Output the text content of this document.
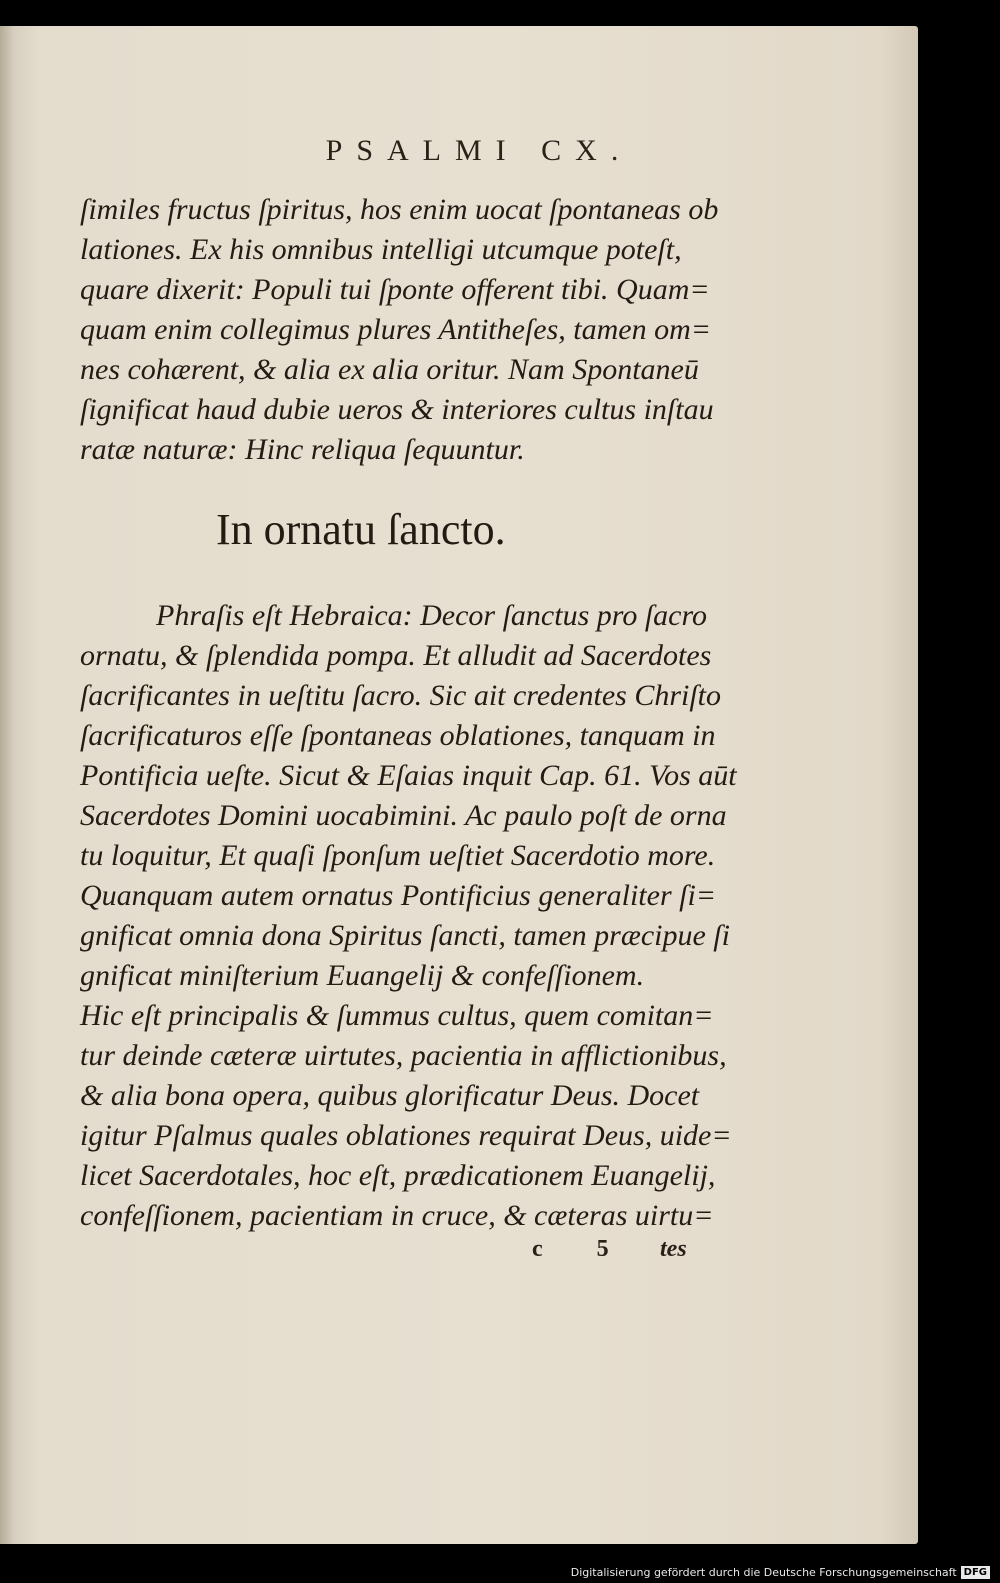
PSALMI CX.
ſimiles fructus ſpiritus, hos enim uocat ſpontaneas ob
lationes. Ex his omnibus intelligi utcumque poteſt,
quare dixerit: Populi tui ſponte offerent tibi. Quam=
quam enim collegimus plures Antitheſes, tamen om=
nes cohærent, & alia ex alia oritur. Nam Spontaneū
ſignificat haud dubie ueros & interiores cultus inſtau
ratæ naturæ: Hinc reliqua ſequuntur.
In ornatu ſancto.
Phraſis eſt Hebraica: Decor ſanctus pro ſacro
ornatu, & ſplendida pompa. Et alludit ad Sacerdotes
ſacrificantes in ueſtitu ſacro. Sic ait credentes Chriſto
ſacrificaturos eſſe ſpontaneas oblationes, tanquam in
Pontificia ueſte. Sicut & Eſaias inquit Cap. 61. Vos aūt
Sacerdotes Domini uocabimini. Ac paulo poſt de orna
tu loquitur, Et quaſi ſponſum ueſtiet Sacerdotio more.
Quanquam autem ornatus Pontificius generaliter ſi=
gnificat omnia dona Spiritus ſancti, tamen præcipue ſi
gnificat miniſterium Euangelij & confeſſionem.
Hic eſt principalis & ſummus cultus, quem comitan=
tur deinde cæteræ uirtutes, pacientia in afflictionibus,
& alia bona opera, quibus glorificatur Deus. Docet
igitur Pſalmus quales oblationes requirat Deus, uide=
licet Sacerdotales, hoc eſt, prædicationem Euangelij,
confeſſionem, pacientiam in cruce, & cæteras uirtu=
c 5 tes
Digitalisierung gefördert durch die Deutsche Forschungsgemeinschaft DFG
